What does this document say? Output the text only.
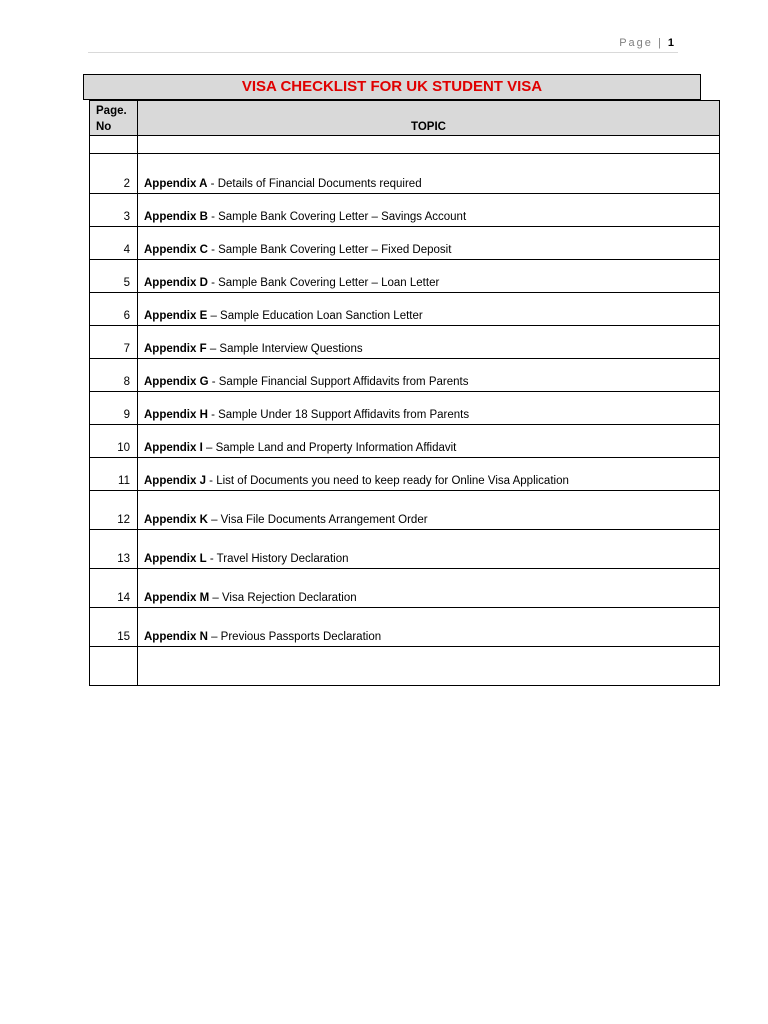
Page | 1
VISA CHECKLIST FOR UK STUDENT VISA
Page. No	TOPIC

2	Appendix A - Details of Financial Documents required
3	Appendix B - Sample Bank Covering Letter – Savings Account
4	Appendix C - Sample Bank Covering Letter – Fixed Deposit
5	Appendix D - Sample Bank Covering Letter – Loan Letter
6	Appendix E – Sample Education Loan Sanction Letter
7	Appendix F – Sample Interview Questions
8	Appendix G - Sample Financial Support Affidavits from Parents
9	Appendix H - Sample Under 18 Support Affidavits from Parents
10	Appendix I – Sample Land and Property Information Affidavit
11	Appendix J - List of Documents you need to keep ready for Online Visa Application
12	Appendix K – Visa File Documents Arrangement Order
13	Appendix L - Travel History Declaration
14	Appendix M – Visa Rejection Declaration
15	Appendix N – Previous Passports Declaration
